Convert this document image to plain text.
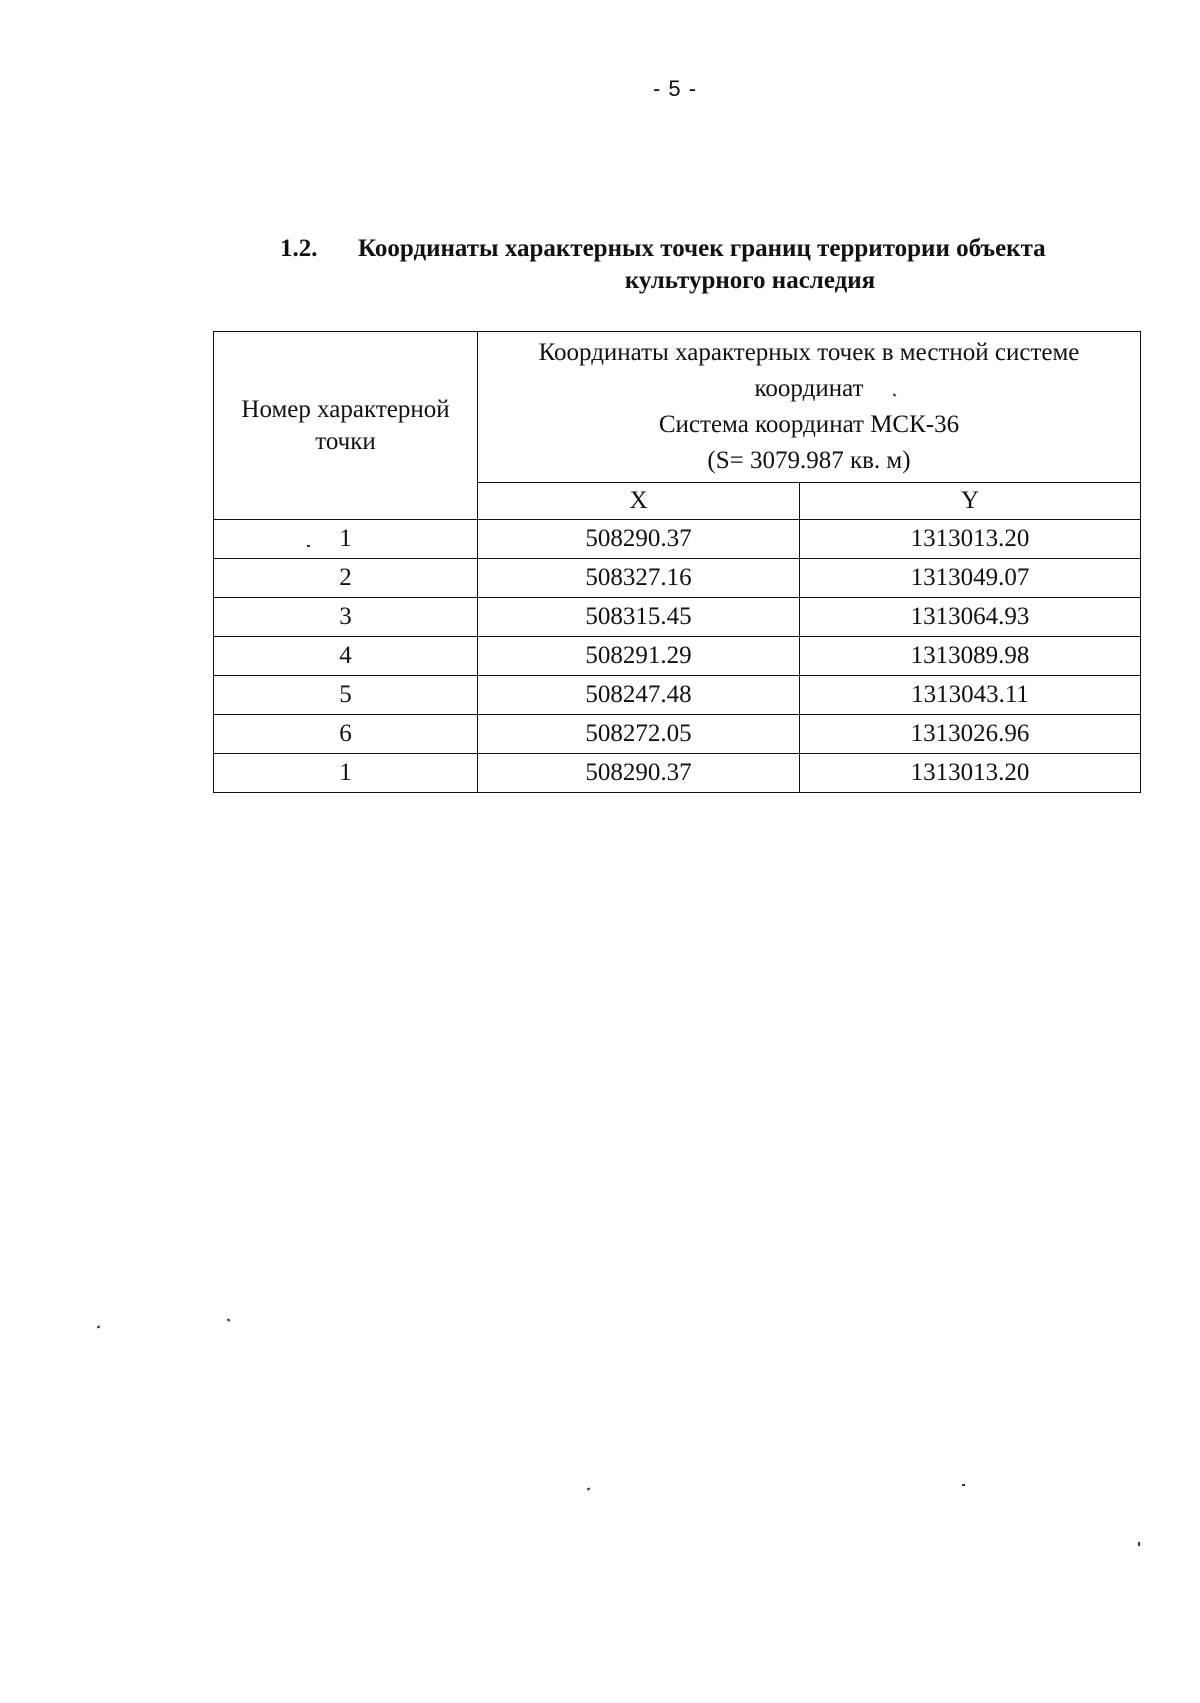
- 5 -
1.2. Координаты характерных точек границ территории объекта
культурного наследия
Номер характерной точки	Координаты характерных точек в местной системе
координат
Система координат МСК-36
(S= 3079.987 кв. м)	

	X	Y
1	508290.37	1313013.20
2	508327.16	1313049.07
3	508315.45	1313064.93
4	508291.29	1313089.98
5	508247.48	1313043.11
6	508272.05	1313026.96
1	508290.37	1313013.20
